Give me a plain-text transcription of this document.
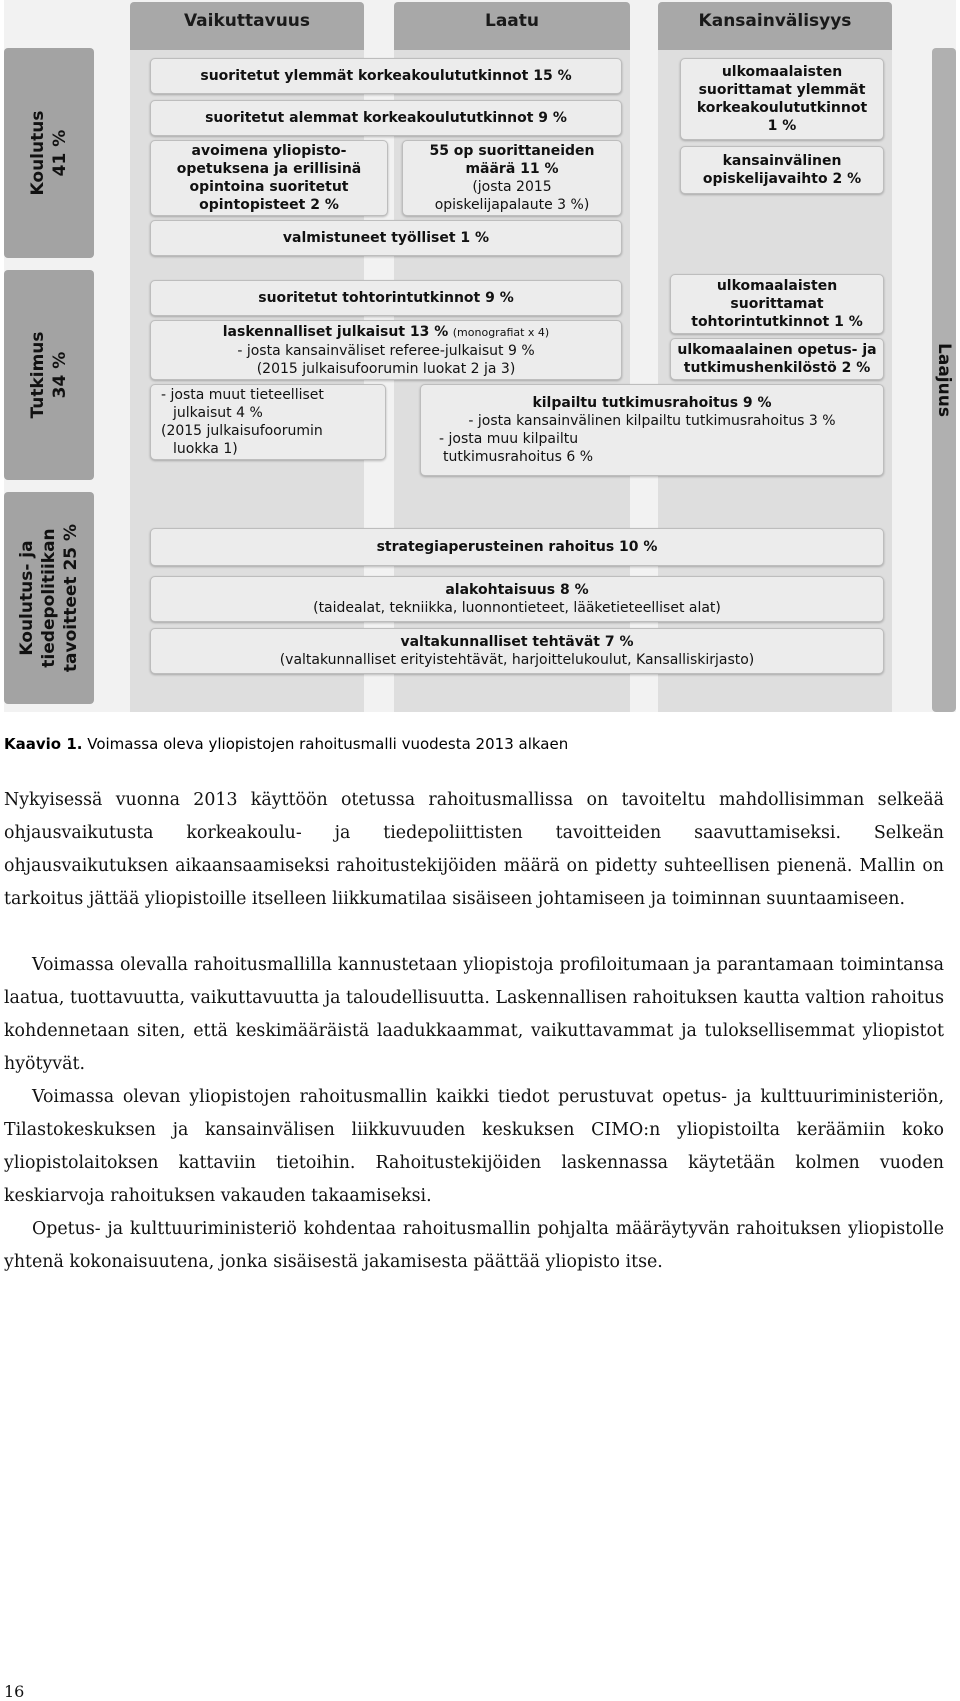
Vaikuttavuus	Laatu	Kansainvälisyys
Koulutus 41 %
Tutkimus 34 %
Koulutus- ja tiedepolitiikan tavoitteet 25 %
Laajuus
suoritetut ylemmät korkeakoulututkinnot 15 %
suoritetut alemmat korkeakoulututkinnot 9 %
avoimena yliopisto-
opetuksena ja erillisinä
opintoina suoritetut
opintopisteet 2 %
55 op suorittaneiden
määrä 11 %
(josta 2015
opiskelijapalaute 3 %)
valmistuneet työlliset 1 %
ulkomaalaisten
suorittamat ylemmät
korkeakoulututkinnot
1 %
kansainvälinen
opiskelijavaihto 2 %
suoritetut tohtorintutkinnot 9 %
laskennalliset julkaisut 13 % (monografiat x 4)
- josta kansainväliset referee-julkaisut 9 %
(2015 julkaisufoorumin luokat 2 ja 3)
- josta muut tieteelliset
julkaisut 4 %
(2015 julkaisufoorumin
luokka 1)
kilpailtu tutkimusrahoitus 9 %
- josta kansainvälinen kilpailtu tutkimusrahoitus 3 %
- josta muu kilpailtu
tutkimusrahoitus 6 %
ulkomaalaisten
suorittamat
tohtorintutkinnot 1 %
ulkomaalainen opetus- ja
tutkimushenkilöstö 2 %
strategiaperusteinen rahoitus 10 %
alakohtaisuus 8 %
(taidealat, tekniikka, luonnontieteet, lääketieteelliset alat)
valtakunnalliset tehtävät 7 %
(valtakunnalliset erityistehtävät, harjoittelukoulut, Kansalliskirjasto)
Kaavio 1. Voimassa oleva yliopistojen rahoitusmalli vuodesta 2013 alkaen

Nykyisessä vuonna 2013 käyttöön otetussa rahoitusmallissa on tavoiteltu mahdollisimman selkeää ohjausvaikutusta korkeakoulu- ja tiedepoliittisten tavoitteiden saavuttamiseksi. Selkeän ohjausvaikutuksen aikaansaamiseksi rahoitustekijöiden määrä on pidetty suhteellisen pienenä. Mallin on tarkoitus jättää yliopistoille itselleen liikkumatilaa sisäiseen johtamiseen ja toiminnan suuntaamiseen.

Voimassa olevalla rahoitusmallilla kannustetaan yliopistoja profiloitumaan ja parantamaan toimintansa laatua, tuottavuutta, vaikuttavuutta ja taloudellisuutta. Laskennallisen rahoituksen kautta valtion rahoitus kohdennetaan siten, että keskimääräistä laadukkaammat, vaikuttavammat ja tuloksellisemmat yliopistot hyötyvät.

Voimassa olevan yliopistojen rahoitusmallin kaikki tiedot perustuvat opetus- ja kulttuuriministeriön, Tilastokeskuksen ja kansainvälisen liikkuvuuden keskuksen CIMO:n yliopistoilta keräämiin koko yliopistolaitoksen kattaviin tietoihin. Rahoitustekijöiden laskennassa käytetään kolmen vuoden keskiarvoja rahoituksen vakauden takaamiseksi.

Opetus- ja kulttuuriministeriö kohdentaa rahoitusmallin pohjalta määräytyvän rahoituksen yliopistolle yhtenä kokonaisuutena, jonka sisäisestä jakamisesta päättää yliopisto itse.

16
